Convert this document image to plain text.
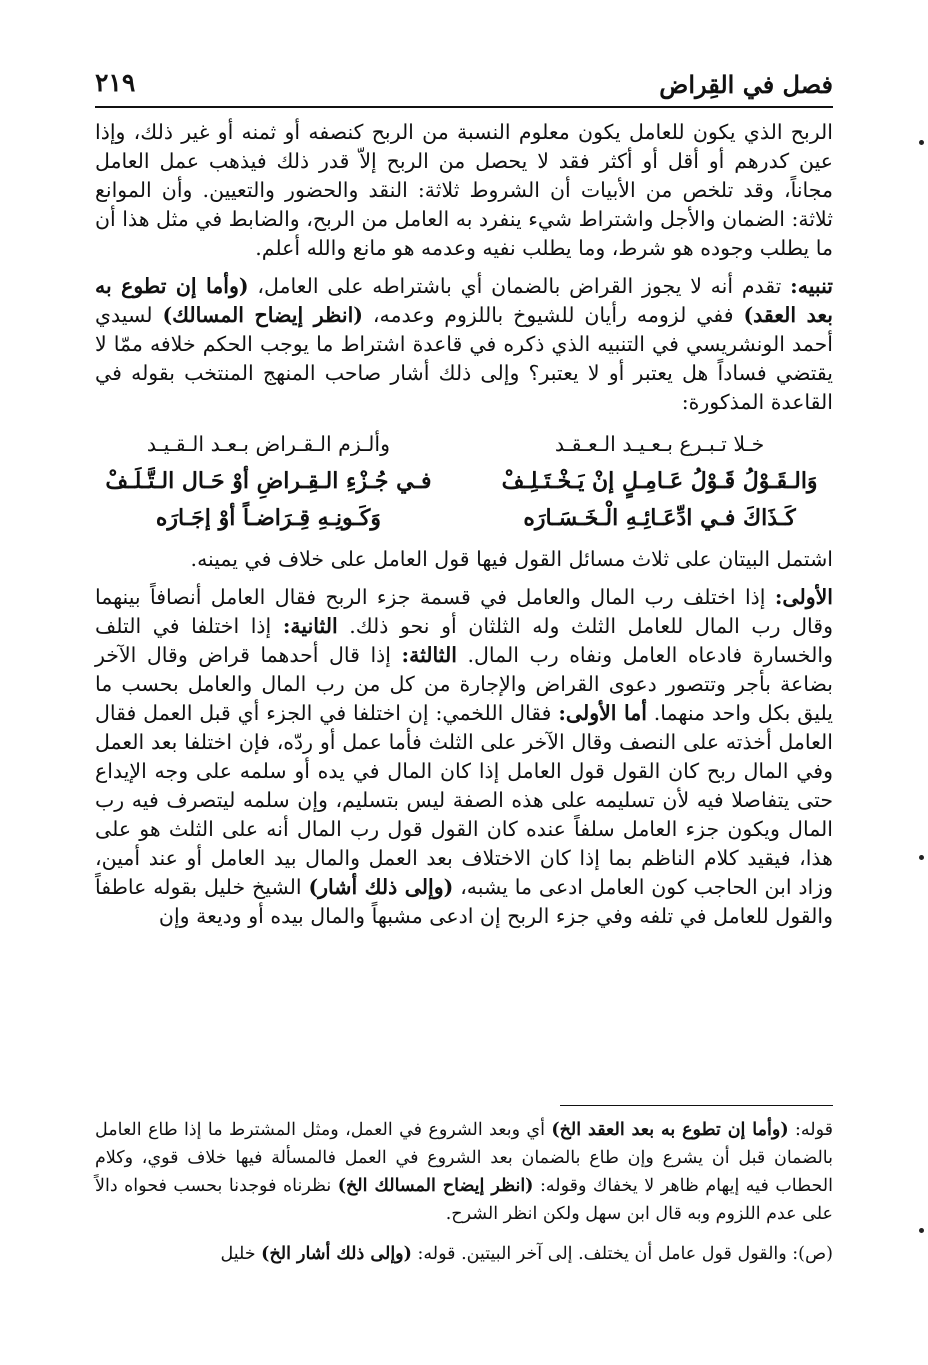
فصل في القِراض
٢١٩

الربح الذي يكون للعامل يكون معلوم النسبة من الربح كنصفه أو ثمنه أو غير ذلك، وإذا عين كدرهم أو أقل أو أكثر فقد لا يحصل من الربح إلاّ قدر ذلك فيذهب عمل العامل مجاناً، وقد تلخص من الأبيات أن الشروط ثلاثة: النقد والحضور والتعيين. وأن الموانع ثلاثة: الضمان والأجل واشتراط شيء ينفرد به العامل من الربح، والضابط في مثل هذا أن ما يطلب وجوده هو شرط، وما يطلب نفيه وعدمه هو مانع والله أعلم.

تنبيه: تقدم أنه لا يجوز القراض بالضمان أي باشتراطه على العامل، (وأما إن تطوع به بعد العقد) ففي لزومه رأيان للشيوخ باللزوم وعدمه، (انظر إيضاح المسالك) لسيدي أحمد الونشريسي في التنبيه الذي ذكره في قاعدة اشتراط ما يوجب الحكم خلافه ممّا لا يقتضي فساداً هل يعتبر أو لا يعتبر؟ وإلى ذلك أشار صاحب المنهج المنتخب بقوله في القاعدة المذكورة:

خـلا تـبـرع بـعـيـد الـعـقـد
وألـزم الـقـراض بـعـد الـقـيـد
وَالـقَـوْلُ قَـوْلُ عَـامِـلٍ إنْ يَـخْـتَـلِـفْ
فـي جُـزْءِ الـقِـراضِ أوْ حَـال الـتَّـلَـفْ
كَـذَاكَ فـي ادِّعَـائِـهِ الْـخَـسَـارَه
وَكَـونِـهِ قِـرَاضـاً أوْ إجَـارَه

اشتمل البيتان على ثلاث مسائل القول فيها قول العامل على خلاف في يمينه.

الأولى: إذا اختلف رب المال والعامل في قسمة جزء الربح فقال العامل أنصافاً بينهما وقال رب المال للعامل الثلث وله الثلثان أو نحو ذلك. الثانية: إذا اختلفا في التلف والخسارة فادعاه العامل ونفاه رب المال. الثالثة: إذا قال أحدهما قراض وقال الآخر بضاعة بأجر وتتصور دعوى القراض والإجارة من كل من رب المال والعامل بحسب ما يليق بكل واحد منهما. أما الأولى: فقال اللخمي: إن اختلفا في الجزء أي قبل العمل فقال العامل أخذته على النصف وقال الآخر على الثلث فأما عمل أو ردّه، فإن اختلفا بعد العمل وفي المال ربح كان القول قول العامل إذا كان المال في يده أو سلمه على وجه الإيداع حتى يتفاصلا فيه لأن تسليمه على هذه الصفة ليس بتسليم، وإن سلمه ليتصرف فيه رب المال ويكون جزء العامل سلفاً عنده كان القول قول رب المال أنه على الثلث هو على هذا، فيقيد كلام الناظم بما إذا كان الاختلاف بعد العمل والمال بيد العامل أو عند أمين، وزاد ابن الحاجب كون العامل ادعى ما يشبه، (وإلى ذلك أشار) الشيخ خليل بقوله عاطفاً والقول للعامل في تلفه وفي جزء الربح إن ادعى مشبهاً والمال بيده أو وديعة وإن

قوله: (وأما إن تطوع به بعد العقد الخ) أي وبعد الشروع في العمل، ومثل المشترط ما إذا طاع العامل بالضمان قبل أن يشرع وإن طاع بالضمان بعد الشروع في العمل فالمسألة فيها خلاف قوي، وكلام الحطاب فيه إيهام ظاهر لا يخفاك وقوله: (انظر إيضاح المسالك الخ) نظرناه فوجدنا بحسب فحواه دالاً على عدم اللزوم وبه قال ابن سهل ولكن انظر الشرح.

(ص): والقول قول عامل أن يختلف. إلى آخر البيتين. قوله: (وإلى ذلك أشار الخ) خليل
